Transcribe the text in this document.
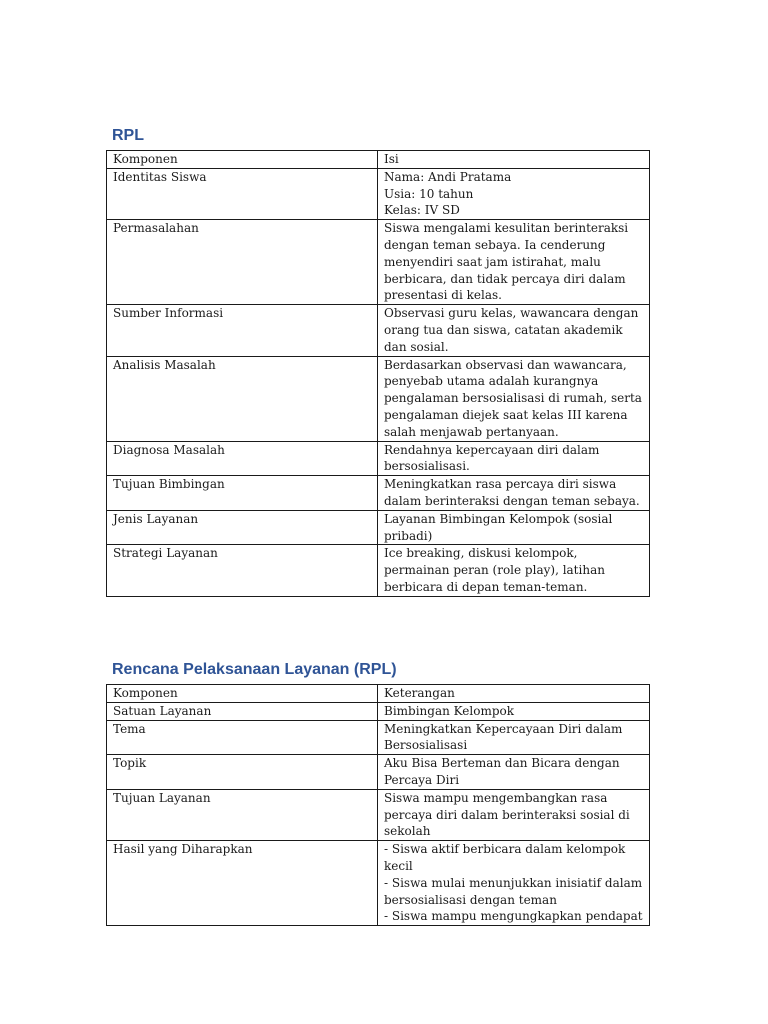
RPL
Komponen	Isi
Identitas Siswa	Nama: Andi Pratama
Usia: 10 tahun
Kelas: IV SD
Permasalahan	Siswa mengalami kesulitan berinteraksi dengan teman sebaya. Ia cenderung menyendiri saat jam istirahat, malu berbicara, dan tidak percaya diri dalam presentasi di kelas.
Sumber Informasi	Observasi guru kelas, wawancara dengan orang tua dan siswa, catatan akademik dan sosial.
Analisis Masalah	Berdasarkan observasi dan wawancara, penyebab utama adalah kurangnya pengalaman bersosialisasi di rumah, serta pengalaman diejek saat kelas III karena salah menjawab pertanyaan.
Diagnosa Masalah	Rendahnya kepercayaan diri dalam bersosialisasi.
Tujuan Bimbingan	Meningkatkan rasa percaya diri siswa dalam berinteraksi dengan teman sebaya.
Jenis Layanan	Layanan Bimbingan Kelompok (sosial pribadi)
Strategi Layanan	Ice breaking, diskusi kelompok, permainan peran (role play), latihan berbicara di depan teman-teman.
Rencana Pelaksanaan Layanan (RPL)
Komponen	Keterangan
Satuan Layanan	Bimbingan Kelompok
Tema	Meningkatkan Kepercayaan Diri dalam Bersosialisasi
Topik	Aku Bisa Berteman dan Bicara dengan Percaya Diri
Tujuan Layanan	Siswa mampu mengembangkan rasa percaya diri dalam berinteraksi sosial di sekolah
Hasil yang Diharapkan	- Siswa aktif berbicara dalam kelompok kecil
- Siswa mulai menunjukkan inisiatif dalam bersosialisasi dengan teman
- Siswa mampu mengungkapkan pendapat
